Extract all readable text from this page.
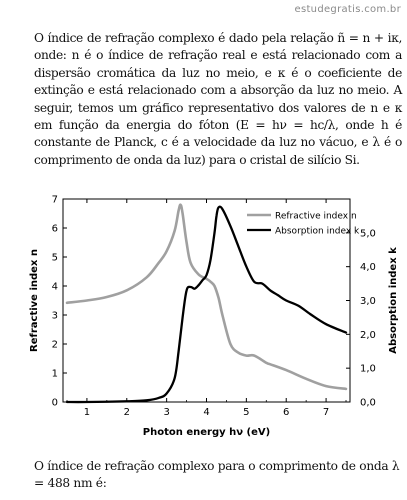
estudegratis.com.br

O índice de refração complexo é dado pela relação ñ = n + iκ, onde: n é o índice de refração real e está relacionado com a dispersão cromática da luz no meio, e κ é o coeficiente de extinção e está relacionado com a absorção da luz no meio. A seguir, temos um gráfico representativo dos valores de n e κ em função da energia do fóton (E = hν = hc/λ, onde h é constante de Planck, c é a velocidade da luz no vácuo, e λ é o comprimento de onda da luz) para o cristal de silício Si.

1	2	3	4	5	6	7
0
1
2
3
4
5
6
7
0,0
1,0
2,0
3,0
4,0
5,0
Photon energy hν (eV)
Refractive index n	Absorption index k
Refractive index n
Absorption index k

O índice de refração complexo para o comprimento de onda λ = 488 nm é:
